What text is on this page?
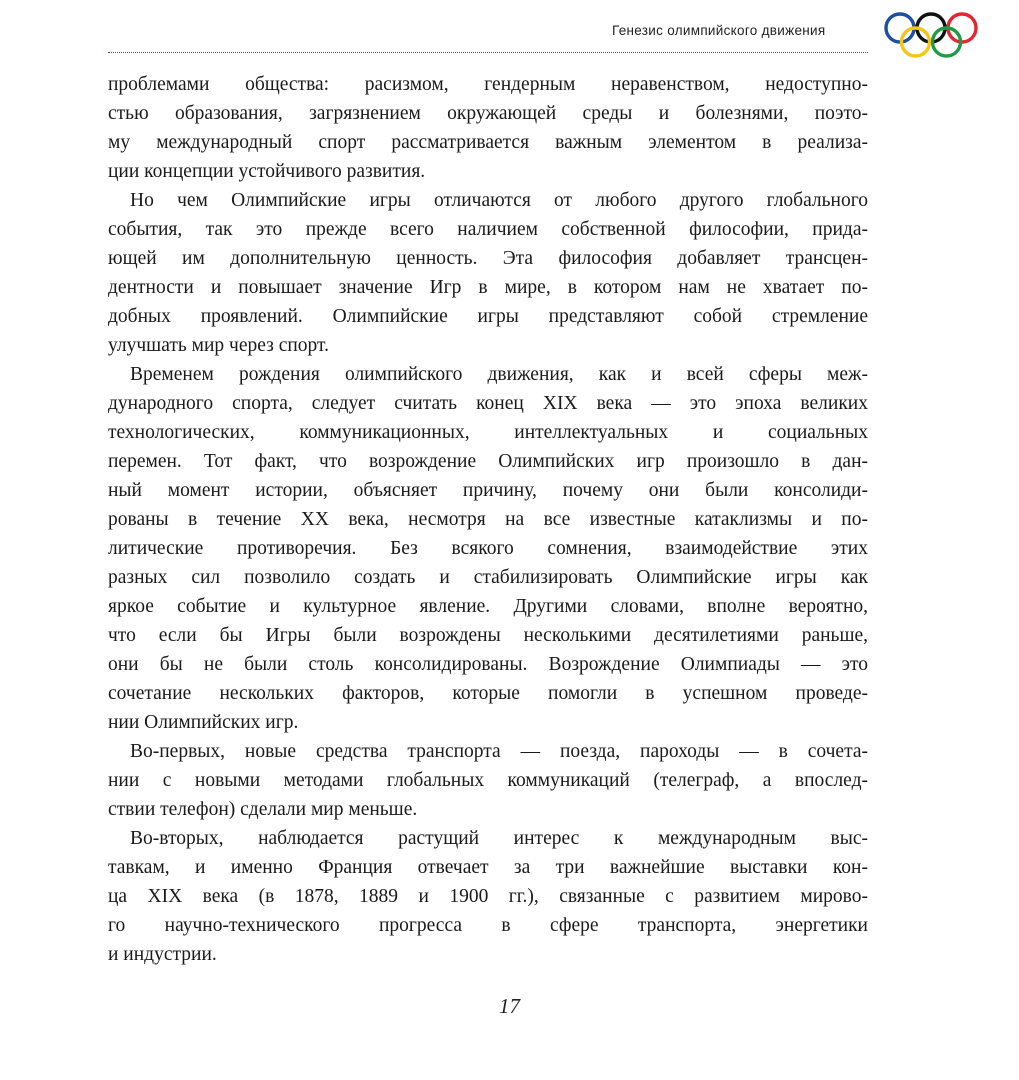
Генезис олимпийского движения
проблемами общества: расизмом, гендерным неравенством, недоступно-
стью образования, загрязнением окружающей среды и болезнями, поэто-
му международный спорт рассматривается важным элементом в реализа-
ции концепции устойчивого развития.
Но чем Олимпийские игры отличаются от любого другого глобального
события, так это прежде всего наличием собственной философии, прида-
ющей им дополнительную ценность. Эта философия добавляет трансцен-
дентности и повышает значение Игр в мире, в котором нам не хватает по-
добных проявлений. Олимпийские игры представляют собой стремление
улучшать мир через спорт.
Временем рождения олимпийского движения, как и всей сферы меж-
дународного спорта, следует считать конец XIX века — это эпоха великих
технологических, коммуникационных, интеллектуальных и социальных
перемен. Тот факт, что возрождение Олимпийских игр произошло в дан-
ный момент истории, объясняет причину, почему они были консолиди-
рованы в течение XX века, несмотря на все известные катаклизмы и по-
литические противоречия. Без всякого сомнения, взаимодействие этих
разных сил позволило создать и стабилизировать Олимпийские игры как
яркое событие и культурное явление. Другими словами, вполне вероятно,
что если бы Игры были возрождены несколькими десятилетиями раньше,
они бы не были столь консолидированы. Возрождение Олимпиады — это
сочетание нескольких факторов, которые помогли в успешном проведе-
нии Олимпийских игр.
Во-первых, новые средства транспорта — поезда, пароходы — в сочета-
нии с новыми методами глобальных коммуникаций (телеграф, а впослед-
ствии телефон) сделали мир меньше.
Во-вторых, наблюдается растущий интерес к международным выс-
тавкам, и именно Франция отвечает за три важнейшие выставки кон-
ца XIX века (в 1878, 1889 и 1900 гг.), связанные с развитием мирово-
го научно-технического прогресса в сфере транспорта, энергетики
и индустрии.
17
